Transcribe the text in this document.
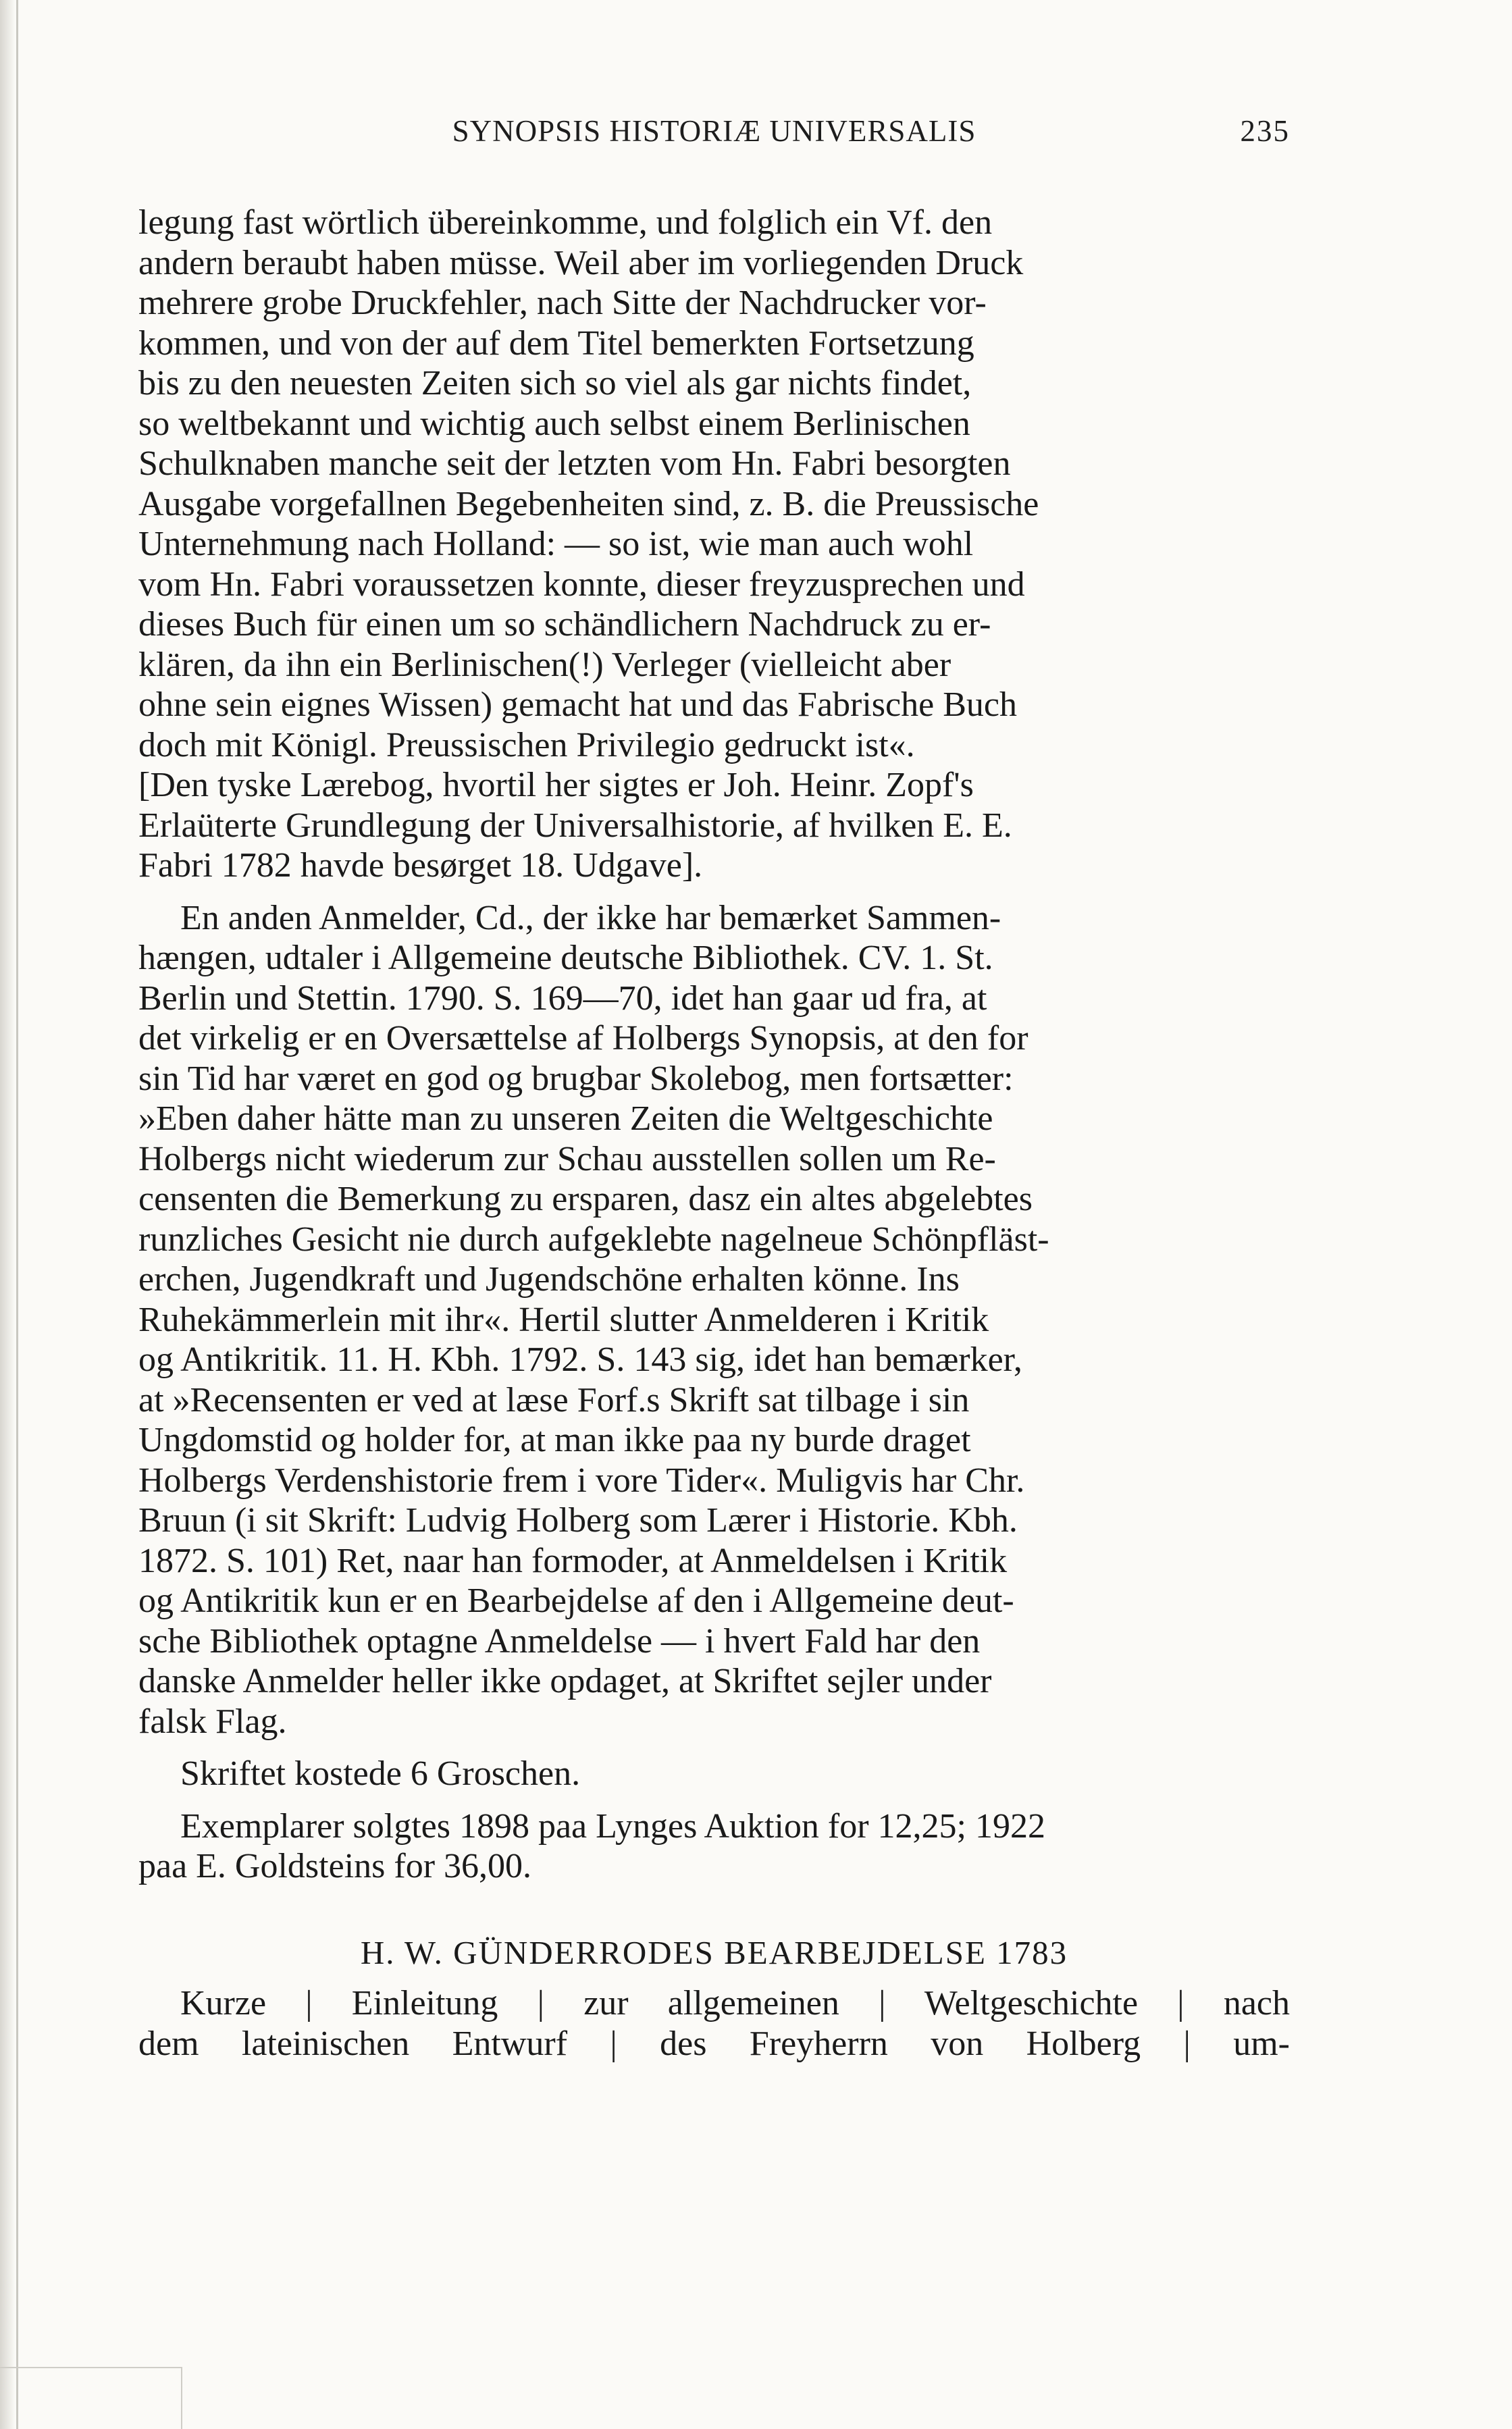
SYNOPSIS HISTORIÆ UNIVERSALIS	235

legung fast wörtlich übereinkomme, und folglich ein Vf. den
andern beraubt haben müsse. Weil aber im vorliegenden Druck
mehrere grobe Druckfehler, nach Sitte der Nachdrucker vor-
kommen, und von der auf dem Titel bemerkten Fortsetzung
bis zu den neuesten Zeiten sich so viel als gar nichts findet,
so weltbekannt und wichtig auch selbst einem Berlinischen
Schulknaben manche seit der letzten vom Hn. Fabri besorgten
Ausgabe vorgefallnen Begebenheiten sind, z. B. die Preussische
Unternehmung nach Holland: — so ist, wie man auch wohl
vom Hn. Fabri voraussetzen konnte, dieser freyzusprechen und
dieses Buch für einen um so schändlichern Nachdruck zu er-
klären, da ihn ein Berlinischen(!) Verleger (vielleicht aber
ohne sein eignes Wissen) gemacht hat und das Fabrische Buch
doch mit Königl. Preussischen Privilegio gedruckt ist«.
[Den tyske Lærebog, hvortil her sigtes er Joh. Heinr. Zopf's
Erlaüterte Grundlegung der Universalhistorie, af hvilken E. E.
Fabri 1782 havde besørget 18. Udgave].

En anden Anmelder, Cd., der ikke har bemærket Sammen-
hængen, udtaler i Allgemeine deutsche Bibliothek. CV. 1. St.
Berlin und Stettin. 1790. S. 169—70, idet han gaar ud fra, at
det virkelig er en Oversættelse af Holbergs Synopsis, at den for
sin Tid har været en god og brugbar Skolebog, men fortsætter:
»Eben daher hätte man zu unseren Zeiten die Weltgeschichte
Holbergs nicht wiederum zur Schau ausstellen sollen um Re-
censenten die Bemerkung zu ersparen, dasz ein altes abgelebtes
runzliches Gesicht nie durch aufgeklebte nagelneue Schönpfläst-
erchen, Jugendkraft und Jugendschöne erhalten könne. Ins
Ruhekämmerlein mit ihr«. Hertil slutter Anmelderen i Kritik
og Antikritik. 11. H. Kbh. 1792. S. 143 sig, idet han bemærker,
at »Recensenten er ved at læse Forf.s Skrift sat tilbage i sin
Ungdomstid og holder for, at man ikke paa ny burde draget
Holbergs Verdenshistorie frem i vore Tider«. Muligvis har Chr.
Bruun (i sit Skrift: Ludvig Holberg som Lærer i Historie. Kbh.
1872. S. 101) Ret, naar han formoder, at Anmeldelsen i Kritik
og Antikritik kun er en Bearbejdelse af den i Allgemeine deut-
sche Bibliothek optagne Anmeldelse — i hvert Fald har den
danske Anmelder heller ikke opdaget, at Skriftet sejler under
falsk Flag.

Skriftet kostede 6 Groschen.

Exemplarer solgtes 1898 paa Lynges Auktion for 12,25; 1922
paa E. Goldsteins for 36,00.

H. W. GÜNDERRODES BEARBEJDELSE 1783

Kurze | Einleitung | zur allgemeinen | Weltgeschichte | nach
dem lateinischen Entwurf | des Freyherrn von Holberg | um-
